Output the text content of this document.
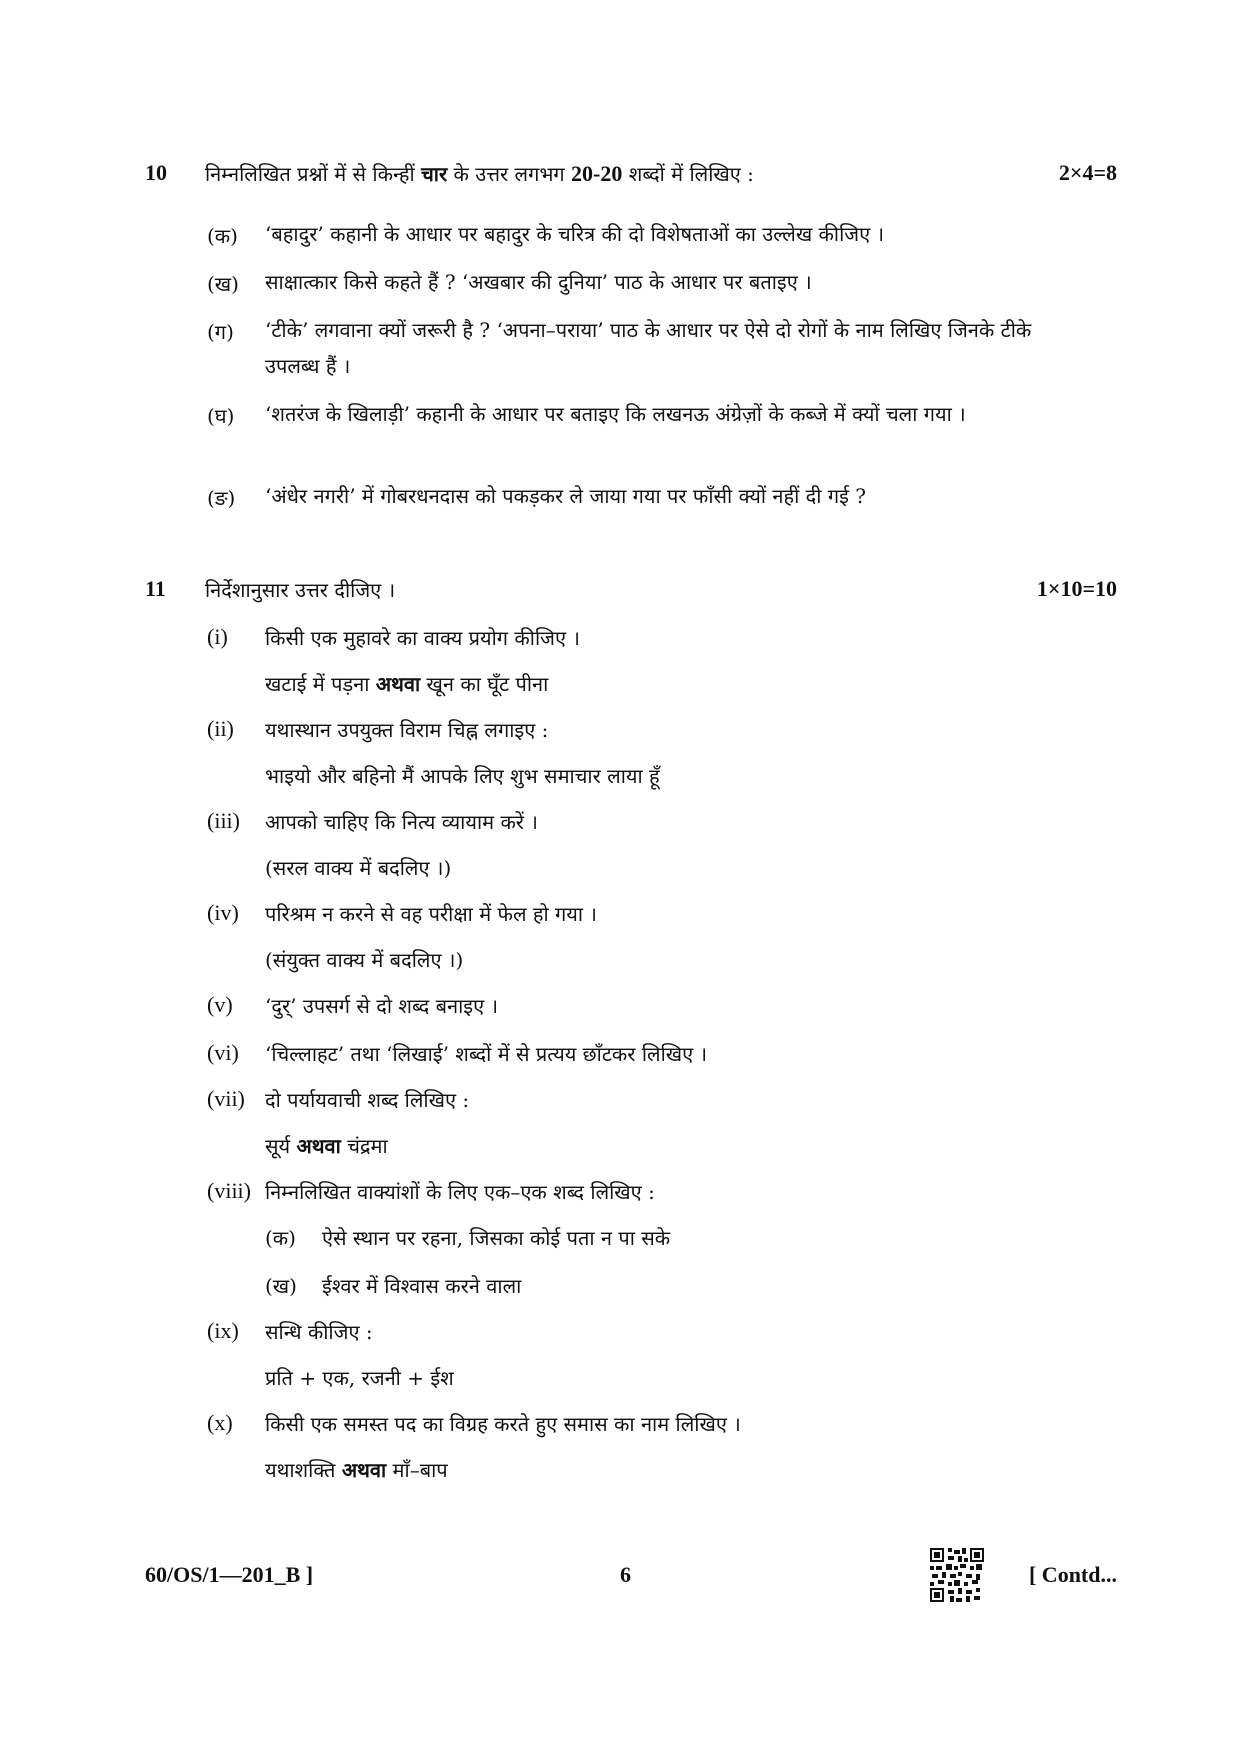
10 निम्नलिखित प्रश्नों में से किन्हीं चार के उत्तर लगभग 20-20 शब्दों में लिखिए :	2×4=8
(क) ‘बहादुर’ कहानी के आधार पर बहादुर के चरित्र की दो विशेषताओं का उल्लेख कीजिए ।
(ख) साक्षात्कार किसे कहते हैं ? ‘अखबार की दुनिया’ पाठ के आधार पर बताइए ।
(ग) ‘टीके’ लगवाना क्यों जरूरी है ? ‘अपना–पराया’ पाठ के आधार पर ऐसे दो रोगों के नाम लिखिए जिनके टीके उपलब्ध हैं ।
(घ) ‘शतरंज के खिलाड़ी’ कहानी के आधार पर बताइए कि लखनऊ अंग्रेज़ों के कब्जे में क्यों चला गया ।
(ङ) ‘अंधेर नगरी’ में गोबरधनदास को पकड़कर ले जाया गया पर फाँसी क्यों नहीं दी गई ?
11 निर्देशानुसार उत्तर दीजिए ।	1×10=10
(i) किसी एक मुहावरे का वाक्य प्रयोग कीजिए ।
खटाई में पड़ना अथवा खून का घूँट पीना
(ii) यथास्थान उपयुक्त विराम चिह्न लगाइए :
भाइयो और बहिनो मैं आपके लिए शुभ समाचार लाया हूँ
(iii) आपको चाहिए कि नित्य व्यायाम करें ।
(सरल वाक्य में बदलिए ।)
(iv) परिश्रम न करने से वह परीक्षा में फेल हो गया ।
(संयुक्त वाक्य में बदलिए ।)
(v) ‘दुर्’ उपसर्ग से दो शब्द बनाइए ।
(vi) ‘चिल्लाहट’ तथा ‘लिखाई’ शब्दों में से प्रत्यय छाँटकर लिखिए ।
(vii) दो पर्यायवाची शब्द लिखिए :
सूर्य अथवा चंद्रमा
(viii) निम्नलिखित वाक्यांशों के लिए एक–एक शब्द लिखिए :
(क) ऐसे स्थान पर रहना, जिसका कोई पता न पा सके
(ख) ईश्वर में विश्वास करने वाला
(ix) सन्धि कीजिए :
प्रति + एक, रजनी + ईश
(x) किसी एक समस्त पद का विग्रह करते हुए समास का नाम लिखिए ।
यथाशक्ति अथवा माँ–बाप
60/OS/1—201_B ]	6	[ Contd...
